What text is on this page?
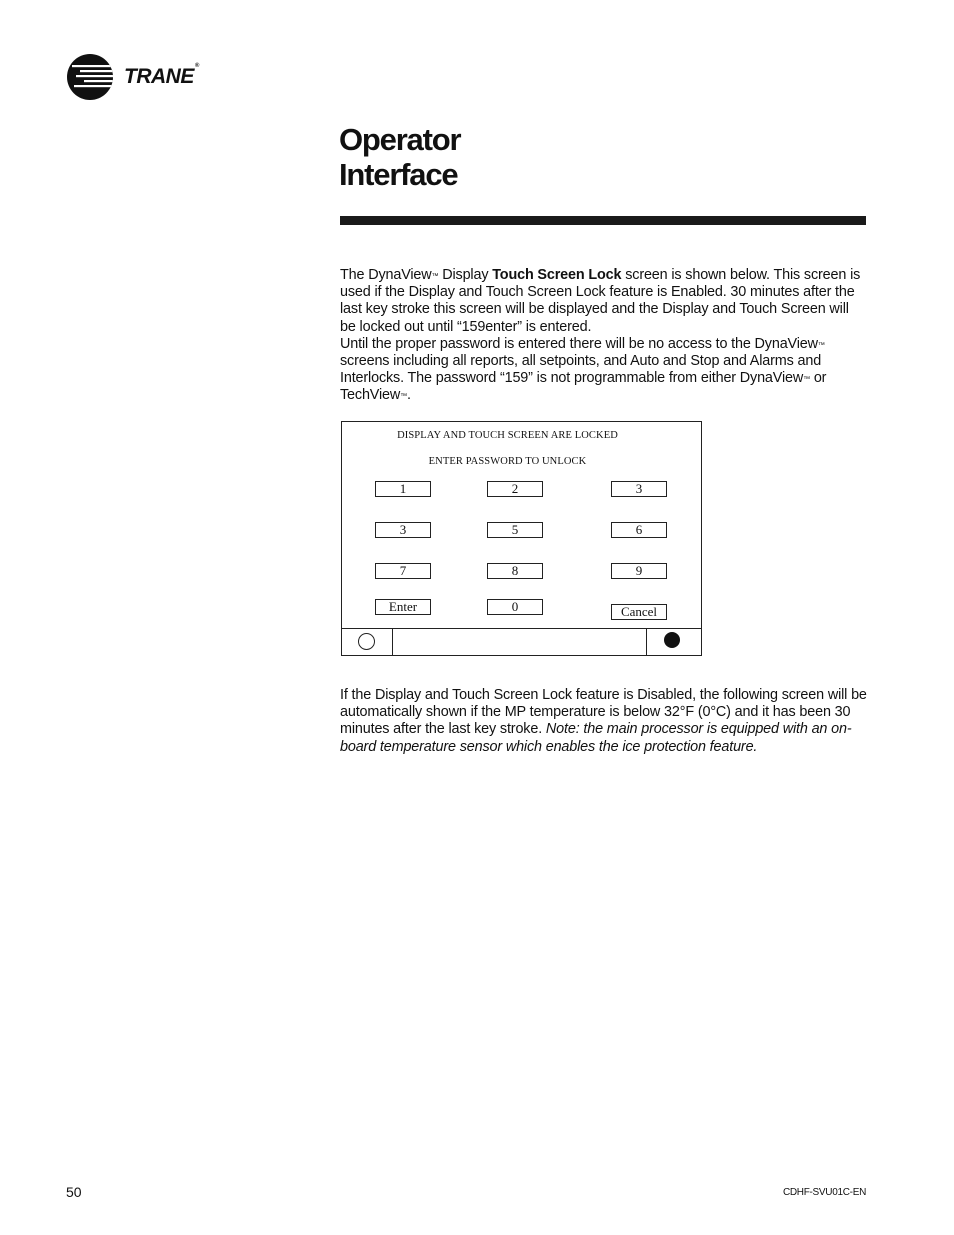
TRANE®
Operator
Interface
The DynaView™ Display Touch Screen Lock screen is shown below. This screen is used if the Display and Touch Screen Lock feature is Enabled. 30 minutes after the last key stroke this screen will be displayed and the Display and Touch Screen will be locked out until “159enter” is entered.
Until the proper password is entered there will be no access to the DynaView™ screens including all reports, all setpoints, and Auto and Stop and Alarms and Interlocks. The password “159” is not programmable from either DynaView™ or TechView™.
DISPLAY AND TOUCH SCREEN ARE LOCKED
ENTER PASSWORD TO UNLOCK
1	2	3
3	5	6
7	8	9
Enter	0	Cancel
If the Display and Touch Screen Lock feature is Disabled, the following screen will be automatically shown if the MP temperature is below 32°F (0°C) and it has been 30 minutes after the last key stroke. Note: the main processor is equipped with an on-board temperature sensor which enables the ice protection feature.
50	CDHF-SVU01C-EN
